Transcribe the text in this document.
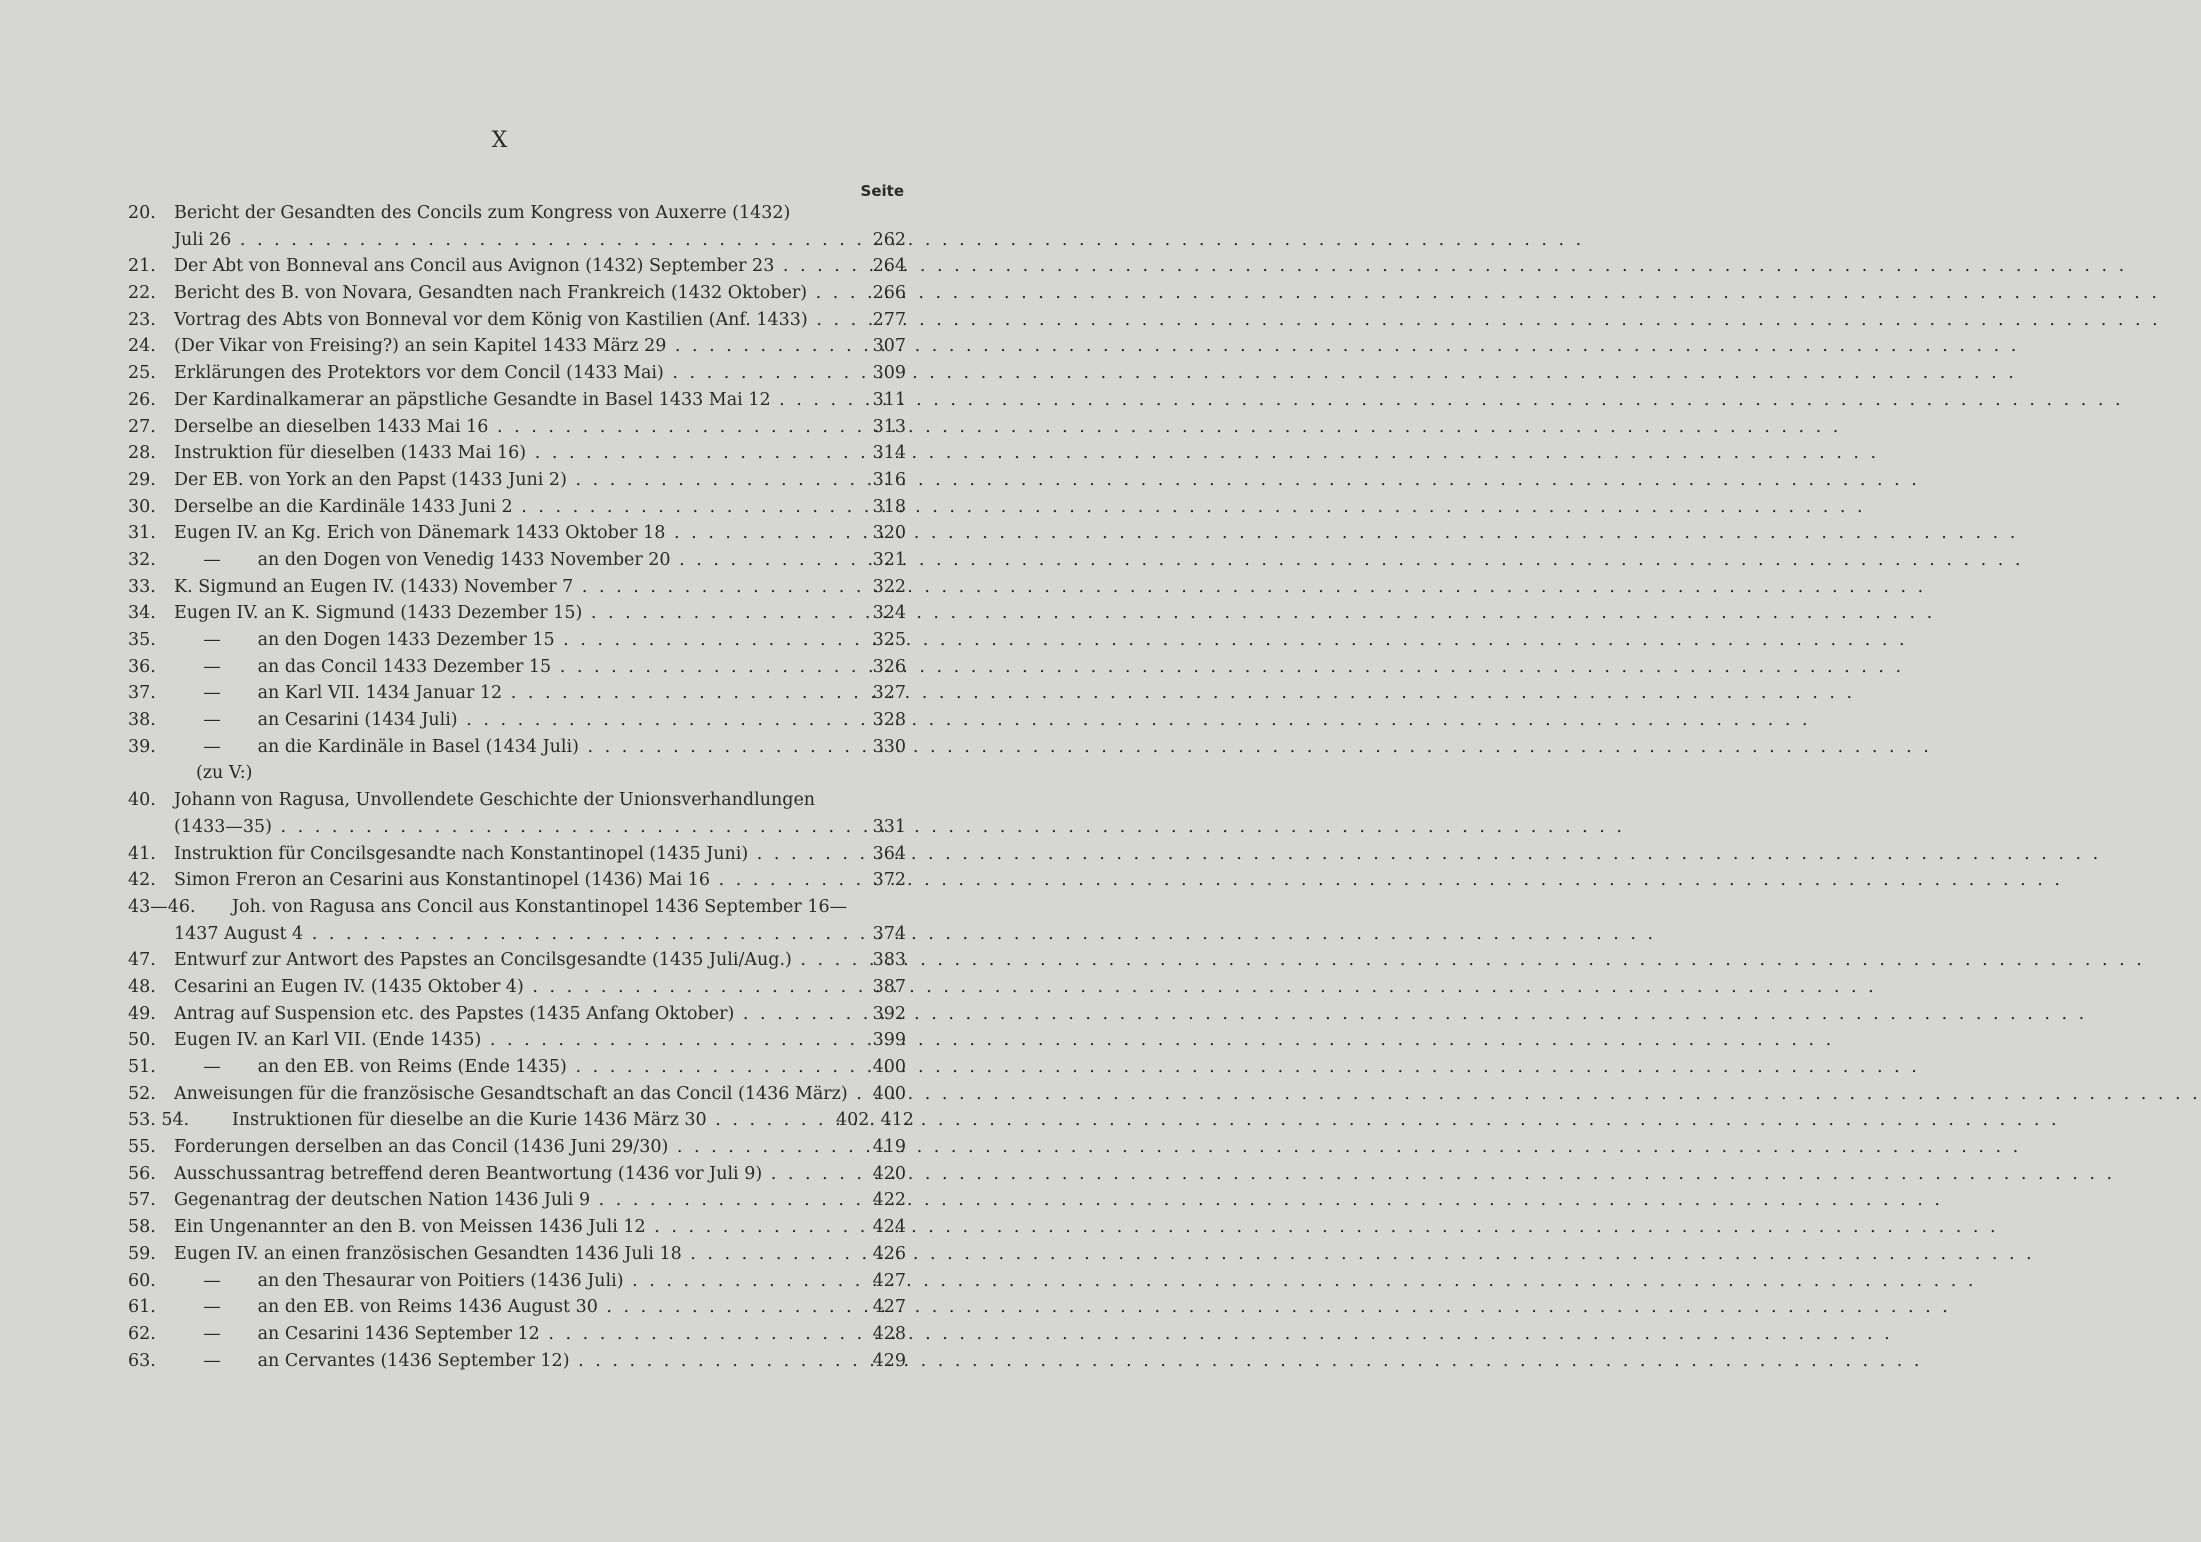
X
Seite
20. Bericht der Gesandten des Concils zum Kongress von Auxerre (1432)
Juli 26 . . .	262
21. Der Abt von Bonneval ans Concil aus Avignon (1432) September 23 . . .	264
22. Bericht des B. von Novara, Gesandten nach Frankreich (1432 Oktober) . . .	266
23. Vortrag des Abts von Bonneval vor dem König von Kastilien (Anf. 1433) . . .	277
24. (Der Vikar von Freising?) an sein Kapitel 1433 März 29 . . .	307
25. Erklärungen des Protektors vor dem Concil (1433 Mai) . . .	309
26. Der Kardinalkamerar an päpstliche Gesandte in Basel 1433 Mai 12 . . .	311
27. Derselbe an dieselben 1433 Mai 16 . . .	313
28. Instruktion für dieselben (1433 Mai 16) . . .	314
29. Der EB. von York an den Papst (1433 Juni 2) . . .	316
30. Derselbe an die Kardinäle 1433 Juni 2 . . .	318
31. Eugen IV. an Kg. Erich von Dänemark 1433 Oktober 18 . . .	320
32.	— an den Dogen von Venedig 1433 November 20 . . .	321
33. K. Sigmund an Eugen IV. (1433) November 7 . . .	322
34. Eugen IV. an K. Sigmund (1433 Dezember 15) . . .	324
35.	— an den Dogen 1433 Dezember 15 . . .	325
36.	— an das Concil 1433 Dezember 15 . . .	326
37.	— an Karl VII. 1434 Januar 12 . . .	327
38.	— an Cesarini (1434 Juli) . . .	328
39.	— an die Kardinäle in Basel (1434 Juli) . . .	330
(zu V:)
40. Johann von Ragusa, Unvollendete Geschichte der Unionsverhandlungen
(1433—35) . . .	331
41. Instruktion für Concilsgesandte nach Konstantinopel (1435 Juni) . . .	364
42. Simon Freron an Cesarini aus Konstantinopel (1436) Mai 16 . . .	372
43—46. Joh. von Ragusa ans Concil aus Konstantinopel 1436 September 16—
1437 August 4 . . .	374
47. Entwurf zur Antwort des Papstes an Concilsgesandte (1435 Juli/Aug.) . . .	383
48. Cesarini an Eugen IV. (1435 Oktober 4) . . .	387
49. Antrag auf Suspension etc. des Papstes (1435 Anfang Oktober) . . .	392
50. Eugen IV. an Karl VII. (Ende 1435) . . .	399
51.	— an den EB. von Reims (Ende 1435) . . .	400
52. Anweisungen für die französische Gesandtschaft an das Concil (1436 März) . . .	400
53. 54. Instruktionen für dieselbe an die Kurie 1436 März 30 . . .	402. 412
55. Forderungen derselben an das Concil (1436 Juni 29/30) . . .	419
56. Ausschussantrag betreffend deren Beantwortung (1436 vor Juli 9) . . .	420
57. Gegenantrag der deutschen Nation 1436 Juli 9 . . .	422
58. Ein Ungenannter an den B. von Meissen 1436 Juli 12 . . .	424
59. Eugen IV. an einen französischen Gesandten 1436 Juli 18 . . .	426
60.	— an den Thesaurar von Poitiers (1436 Juli) . . .	427
61.	— an den EB. von Reims 1436 August 30 . . .	427
62.	— an Cesarini 1436 September 12 . . .	428
63.	— an Cervantes (1436 September 12) . . .	429
